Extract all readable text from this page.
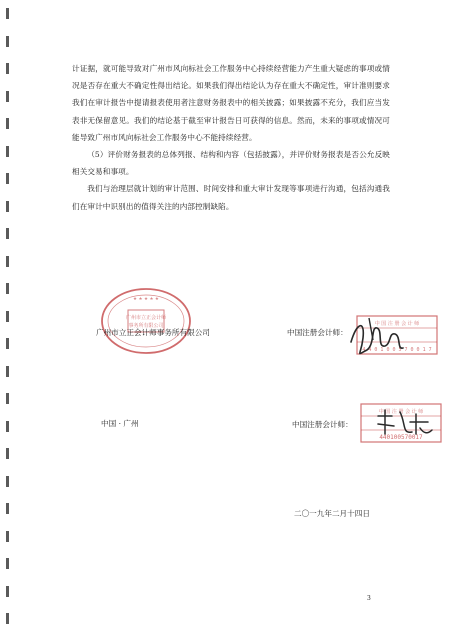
计证据，就可能导致对广州市风向标社会工作服务中心持续经营能力产生重大疑虑的事项或情况是否存在重大不确定性得出结论。如果我们得出结论认为存在重大不确定性，审计准则要求我们在审计报告中提请报表使用者注意财务报表中的相关披露；如果披露不充分，我们应当发表非无保留意见。我们的结论基于截至审计报告日可获得的信息。然而，未来的事项或情况可能导致广州市风向标社会工作服务中心不能持续经营。

（5）评价财务报表的总体列报、结构和内容（包括披露），并评价财务报表是否公允反映相关交易和事项。

我们与治理层就计划的审计范围、时间安排和重大审计发现等事项进行沟通，包括沟通我们在审计中识别出的值得关注的内部控制缺陷。

广州市立正会计师
事务所有限公司
★ ★ ★ ★ ★
广州市立正会计师事务所有限公司
中 国 注 册 会 计 师
4 4 0 1 0 0 5 7 0 0 1 7
中国注册会计师：
中国 · 广州
中 国 注 册 会 计 师
440100570017
中国注册会计师：
二〇一九年二月十四日
3
